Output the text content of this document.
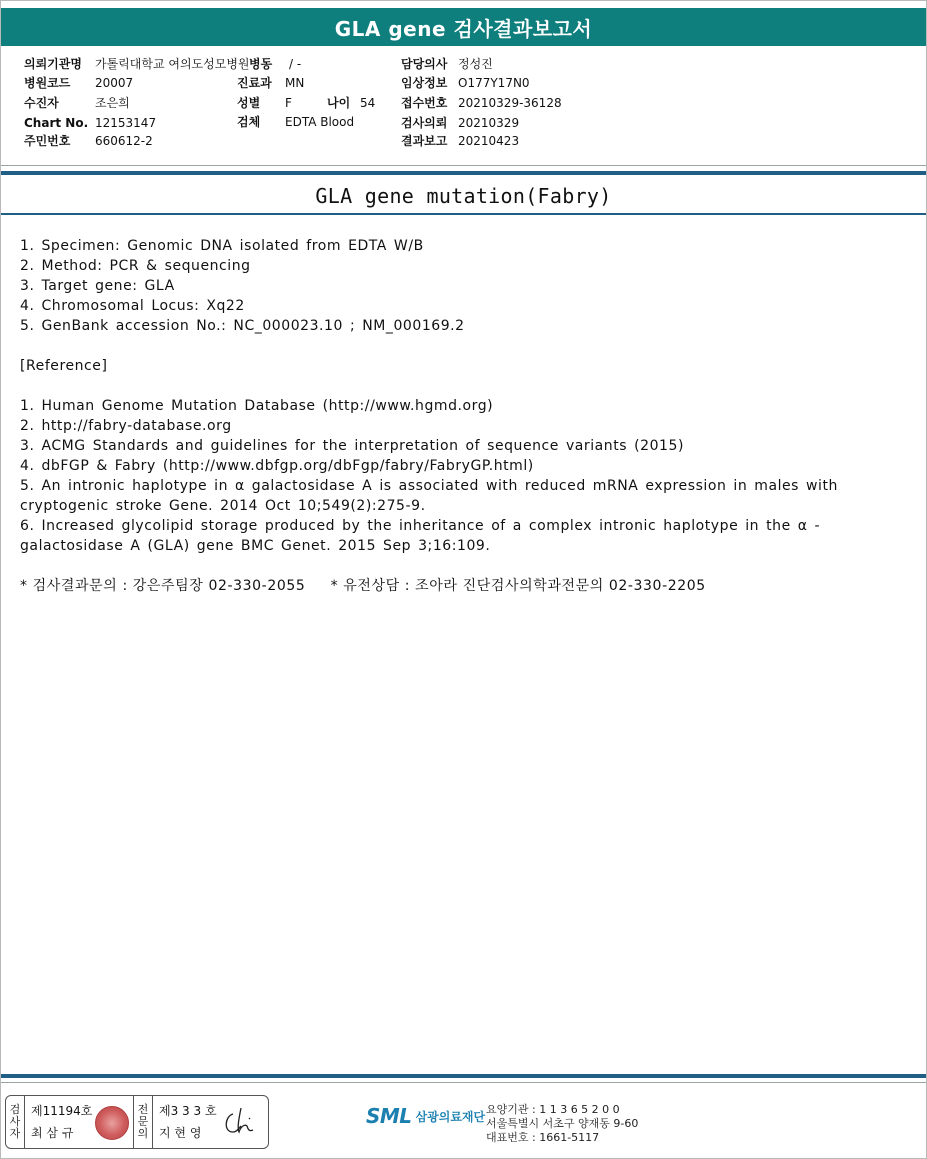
GLA gene 검사결과보고서
의뢰기관명 가톨릭대학교 여의도성모병원
병원코드 20007
수진자	조은희
Chart No. 12153147
주민번호 660612-2
병동 / -
진료과 MN
성별 F	나이 54
검체 EDTA Blood
담당의사 정성진
임상정보 O177Y17N0
접수번호 20210329-36128
검사의뢰 20210329
결과보고 20210423
GLA gene mutation(Fabry)
1. Specimen: Genomic DNA isolated from EDTA W/B
2. Method: PCR & sequencing
3. Target gene: GLA
4. Chromosomal Locus: Xq22
5. GenBank accession No.: NC_000023.10 ; NM_000169.2
[Reference]
1. Human Genome Mutation Database (http://www.hgmd.org)
2. http://fabry-database.org
3. ACMG Standards and guidelines for the interpretation of sequence variants (2015)
4. dbFGP & Fabry (http://www.dbfgp.org/dbFgp/fabry/FabryGP.html)
5. An intronic haplotype in α galactosidase A is associated with reduced mRNA expression in males with cryptogenic stroke Gene. 2014 Oct 10;549(2):275-9.
6. Increased glycolipid storage produced by the inheritance of a complex intronic haplotype in the α -galactosidase A (GLA) gene BMC Genet. 2015 Sep 3;16:109.
* 검사결과문의 : 강은주팀장 02-330-2055     * 유전상담 : 조아라 진단검사의학과전문의 02-330-2205
검
사
자
제11194호
최 삼 규
전
문
의
제3 3 3 호
지 현 영
SML 삼광의료재단 요양기관 : 1 1 3 6 5 2 0 0
서울특별시 서초구 양재동 9-60
대표번호 : 1661-5117
